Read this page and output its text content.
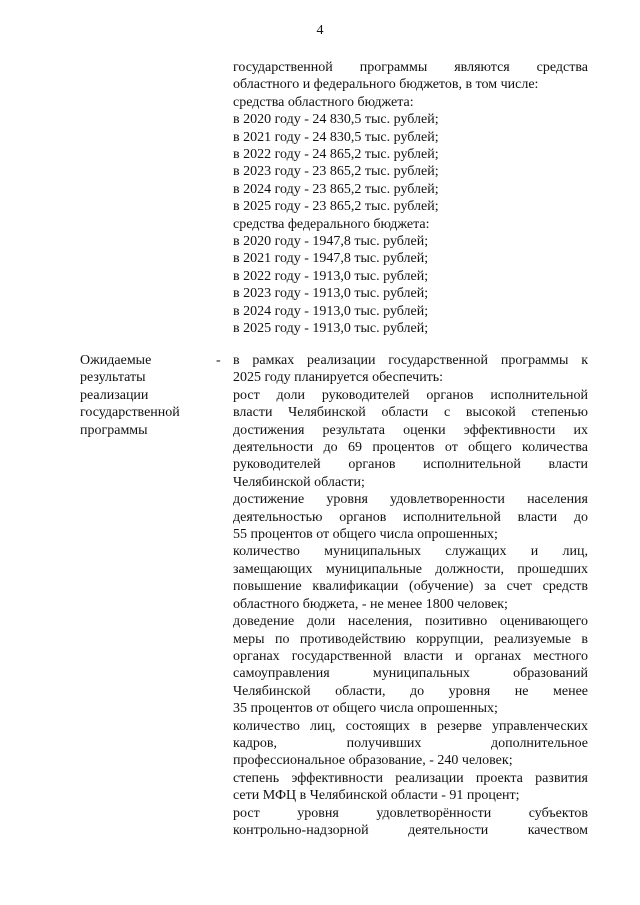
4
государственной программы являются средства
областного и федерального бюджетов, в том числе:
средства областного бюджета:
в 2020 году - 24 830,5 тыс. рублей;
в 2021 году - 24 830,5 тыс. рублей;
в 2022 году - 24 865,2 тыс. рублей;
в 2023 году - 23 865,2 тыс. рублей;
в 2024 году - 23 865,2 тыс. рублей;
в 2025 году - 23 865,2 тыс. рублей;
средства федерального бюджета:
в 2020 году - 1947,8 тыс. рублей;
в 2021 году - 1947,8 тыс. рублей;
в 2022 году - 1913,0 тыс. рублей;
в 2023 году - 1913,0 тыс. рублей;
в 2024 году - 1913,0 тыс. рублей;
в 2025 году - 1913,0 тыс. рублей;
Ожидаемые
результаты
реализации
государственной
программы
- в рамках реализации государственной программы к
2025 году планируется обеспечить:
рост доли руководителей органов исполнительной
власти Челябинской области с высокой степенью
достижения результата оценки эффективности их
деятельности до 69 процентов от общего количества
руководителей органов исполнительной власти
Челябинской области;
достижение уровня удовлетворенности населения
деятельностью органов исполнительной власти до
55 процентов от общего числа опрошенных;
количество муниципальных служащих и лиц,
замещающих муниципальные должности, прошедших
повышение квалификации (обучение) за счет средств
областного бюджета, - не менее 1800 человек;
доведение доли населения, позитивно оценивающего
меры по противодействию коррупции, реализуемые в
органах государственной власти и органах местного
самоуправления муниципальных образований
Челябинской области, до уровня не менее
35 процентов от общего числа опрошенных;
количество лиц, состоящих в резерве управленческих
кадров, получивших дополнительное
профессиональное образование, - 240 человек;
степень эффективности реализации проекта развития
сети МФЦ в Челябинской области - 91 процент;
рост уровня удовлетворённости субъектов
контрольно-надзорной деятельности качеством
